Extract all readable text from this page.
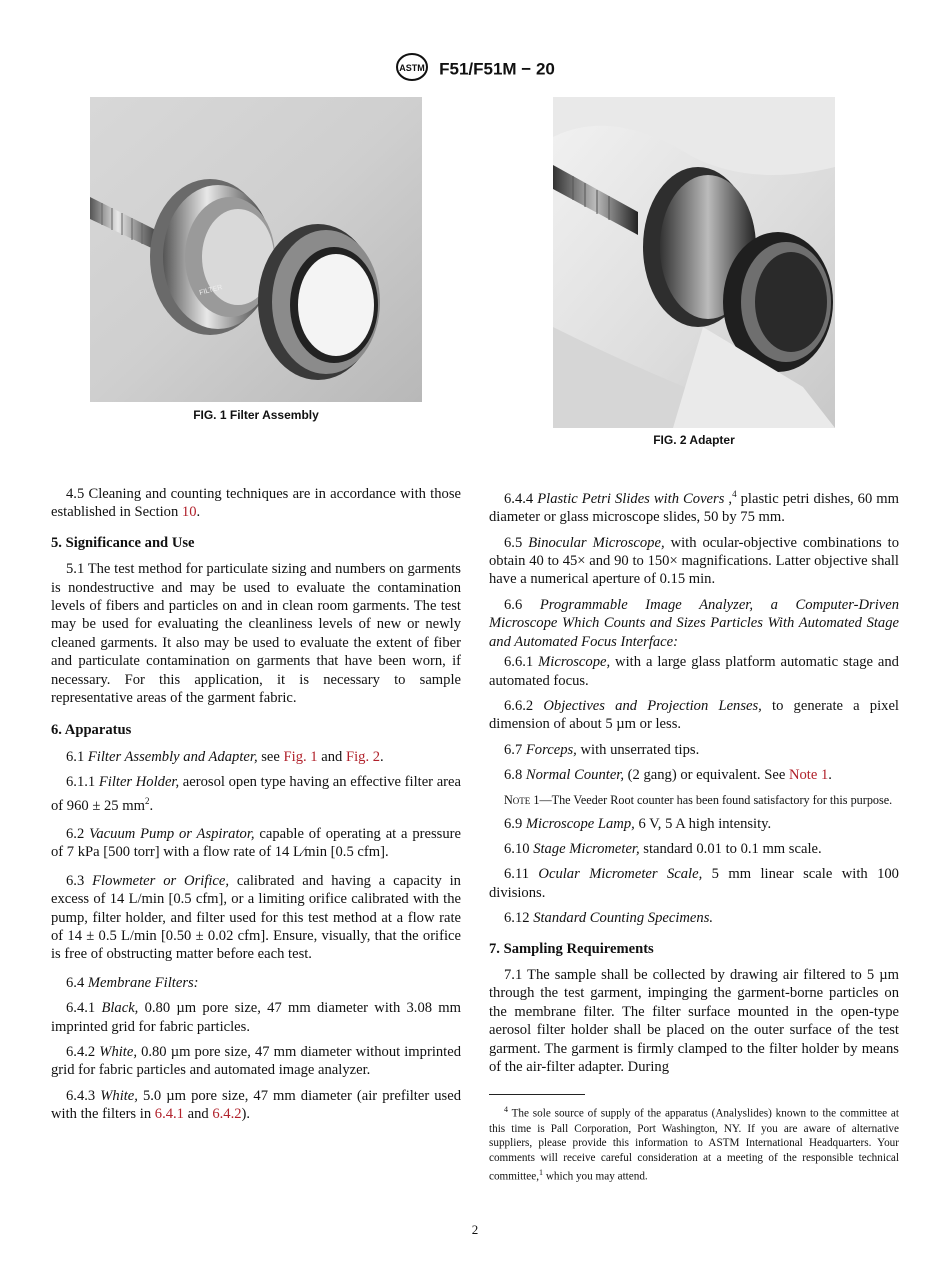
ASTM F51/F51M − 20
FILTER
FIG. 1 Filter Assembly
FIG. 2 Adapter

4.5 Cleaning and counting techniques are in accordance with those established in Section 10.

5. Significance and Use

5.1 The test method for particulate sizing and numbers on garments is nondestructive and may be used to evaluate the contamination levels of fibers and particles on and in clean room garments. The test may be used for evaluating the cleanliness levels of new or newly cleaned garments. It also may be used to evaluate the extent of fiber and particulate contamination on garments that have been worn, if necessary. For this application, it is necessary to sample representative areas of the garment fabric.

6. Apparatus

6.1 Filter Assembly and Adapter, see Fig. 1 and Fig. 2.

6.1.1 Filter Holder, aerosol open type having an effective filter area of 960 ± 25 $mm^2$.

6.2 Vacuum Pump or Aspirator, capable of operating at a pressure of 7 kPa [500 torr] with a flow rate of 14 L⁄min [0.5 cfm].

6.3 Flowmeter or Orifice, calibrated and having a capacity in excess of 14 L/min [0.5 cfm], or a limiting orifice calibrated with the pump, filter holder, and filter used for this test method at a flow rate of 14 ± 0.5 L/min [0.50 ± 0.02 cfm]. Ensure, visually, that the orifice is free of obstructing matter before each test.

6.4 Membrane Filters:

6.4.1 Black, 0.80 µm pore size, 47 mm diameter with 3.08 mm imprinted grid for fabric particles.

6.4.2 White, 0.80 µm pore size, 47 mm diameter without imprinted grid for fabric particles and automated image analyzer.

6.4.3 White, 5.0 µm pore size, 47 mm diameter (air prefilter used with the filters in 6.4.1 and 6.4.2).

6.4.4 Plastic Petri Slides with Covers ,$^4$ plastic petri dishes, 60 mm diameter or glass microscope slides, 50 by 75 mm.

6.5 Binocular Microscope, with ocular-objective combinations to obtain 40 to 45× and 90 to 150× magnifications. Latter objective shall have a numerical aperture of 0.15 min.

6.6 Programmable Image Analyzer, a Computer-Driven Microscope Which Counts and Sizes Particles With Automated Stage and Automated Focus Interface:

6.6.1 Microscope, with a large glass platform automatic stage and automated focus.

6.6.2 Objectives and Projection Lenses, to generate a pixel dimension of about 5 µm or less.

6.7 Forceps, with unserrated tips.

6.8 Normal Counter, (2 gang) or equivalent. See Note 1.

Note 1—The Veeder Root counter has been found satisfactory for this purpose.

6.9 Microscope Lamp, 6 V, 5 A high intensity.

6.10 Stage Micrometer, standard 0.01 to 0.1 mm scale.

6.11 Ocular Micrometer Scale, 5 mm linear scale with 100 divisions.

6.12 Standard Counting Specimens.

7. Sampling Requirements

7.1 The sample shall be collected by drawing air filtered to 5 µm through the test garment, impinging the garment-borne particles on the membrane filter. The filter surface mounted in the open-type aerosol filter holder shall be placed on the outer surface of the test garment. The garment is firmly clamped to the filter holder by means of the air-filter adapter. During

$^4$ The sole source of supply of the apparatus (Analyslides) known to the committee at this time is Pall Corporation, Port Washington, NY. If you are aware of alternative suppliers, please provide this information to ASTM International Headquarters. Your comments will receive careful consideration at a meeting of the responsible technical committee,$^1$ which you may attend.

2
